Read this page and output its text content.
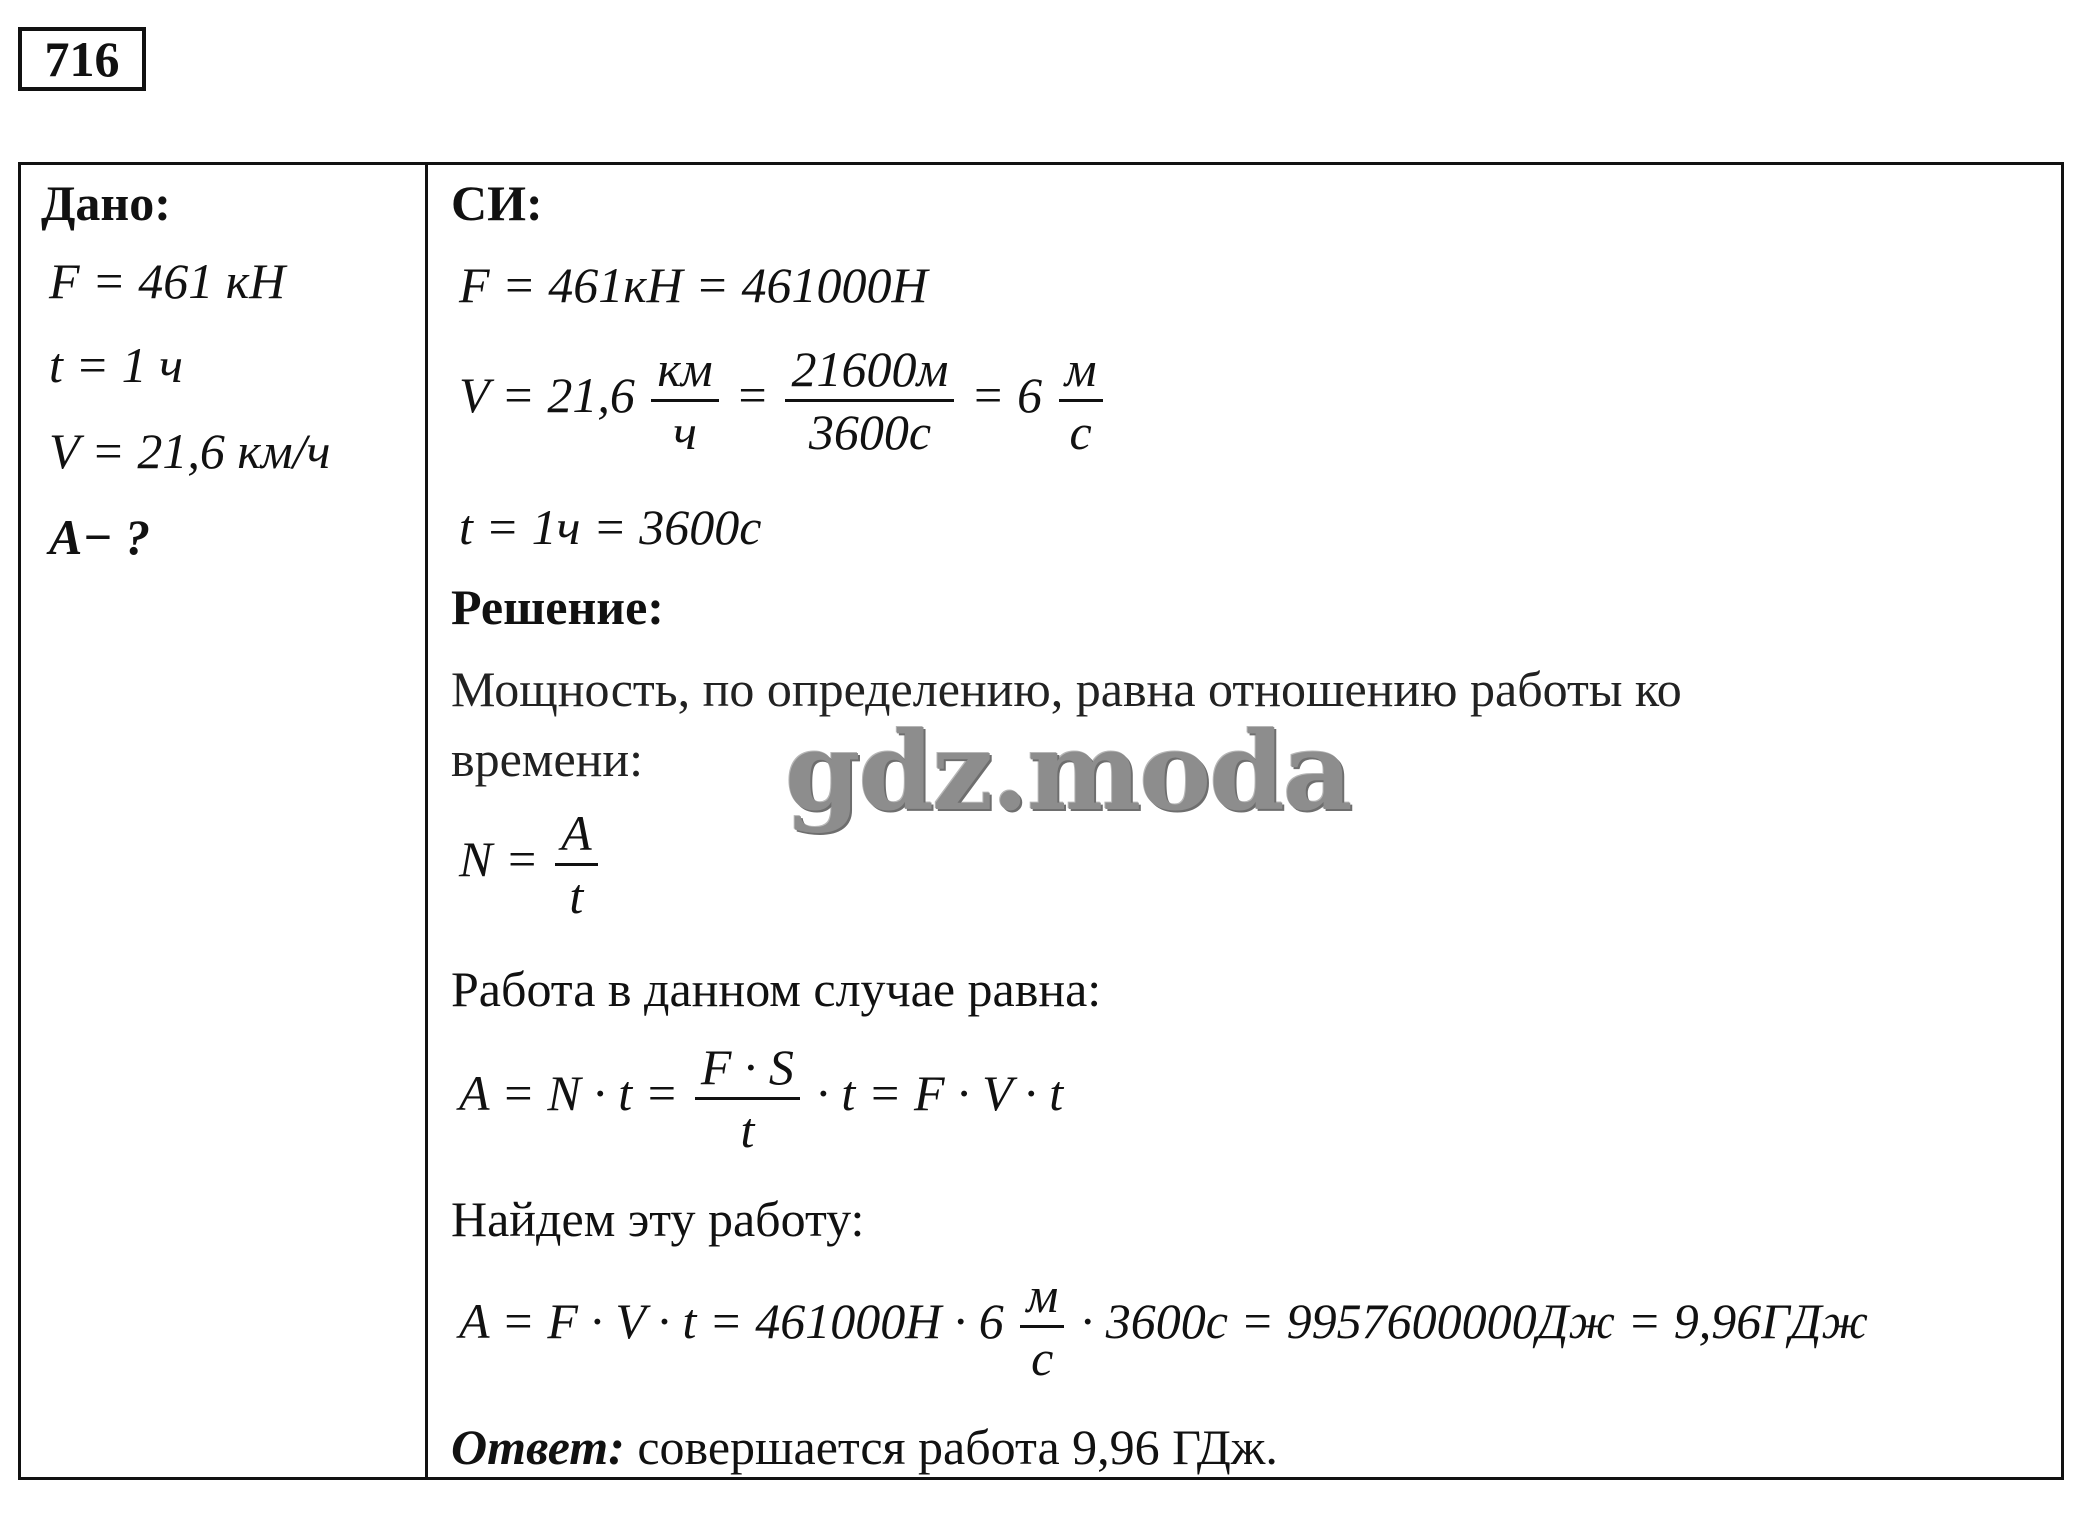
716
Дано:
F = 461 кН
t = 1 ч
V = 21,6 км/ч
A− ?
СИ:
F = 461кН = 461000Н
$V = 21,6 \frac{км}{ч} = \frac{21600м}{3600с} = 6 \frac{м}{с}$
t = 1ч = 3600с
Решение:
Мощность, по определению, равна отношению работы ко
времени:
$N = \frac{A}{t}$
Работа в данном случае равна:
$A = N \cdot t = \frac{F \cdot S}{t} \cdot t = F \cdot V \cdot t$
Найдем эту работу:
$A = F \cdot V \cdot t = 461000Н \cdot 6 \frac{м}{с} \cdot 3600с = 9957600000Дж = 9,96ГДж$
Ответ: совершается работа 9,96 ГДж.
gdz.moda
